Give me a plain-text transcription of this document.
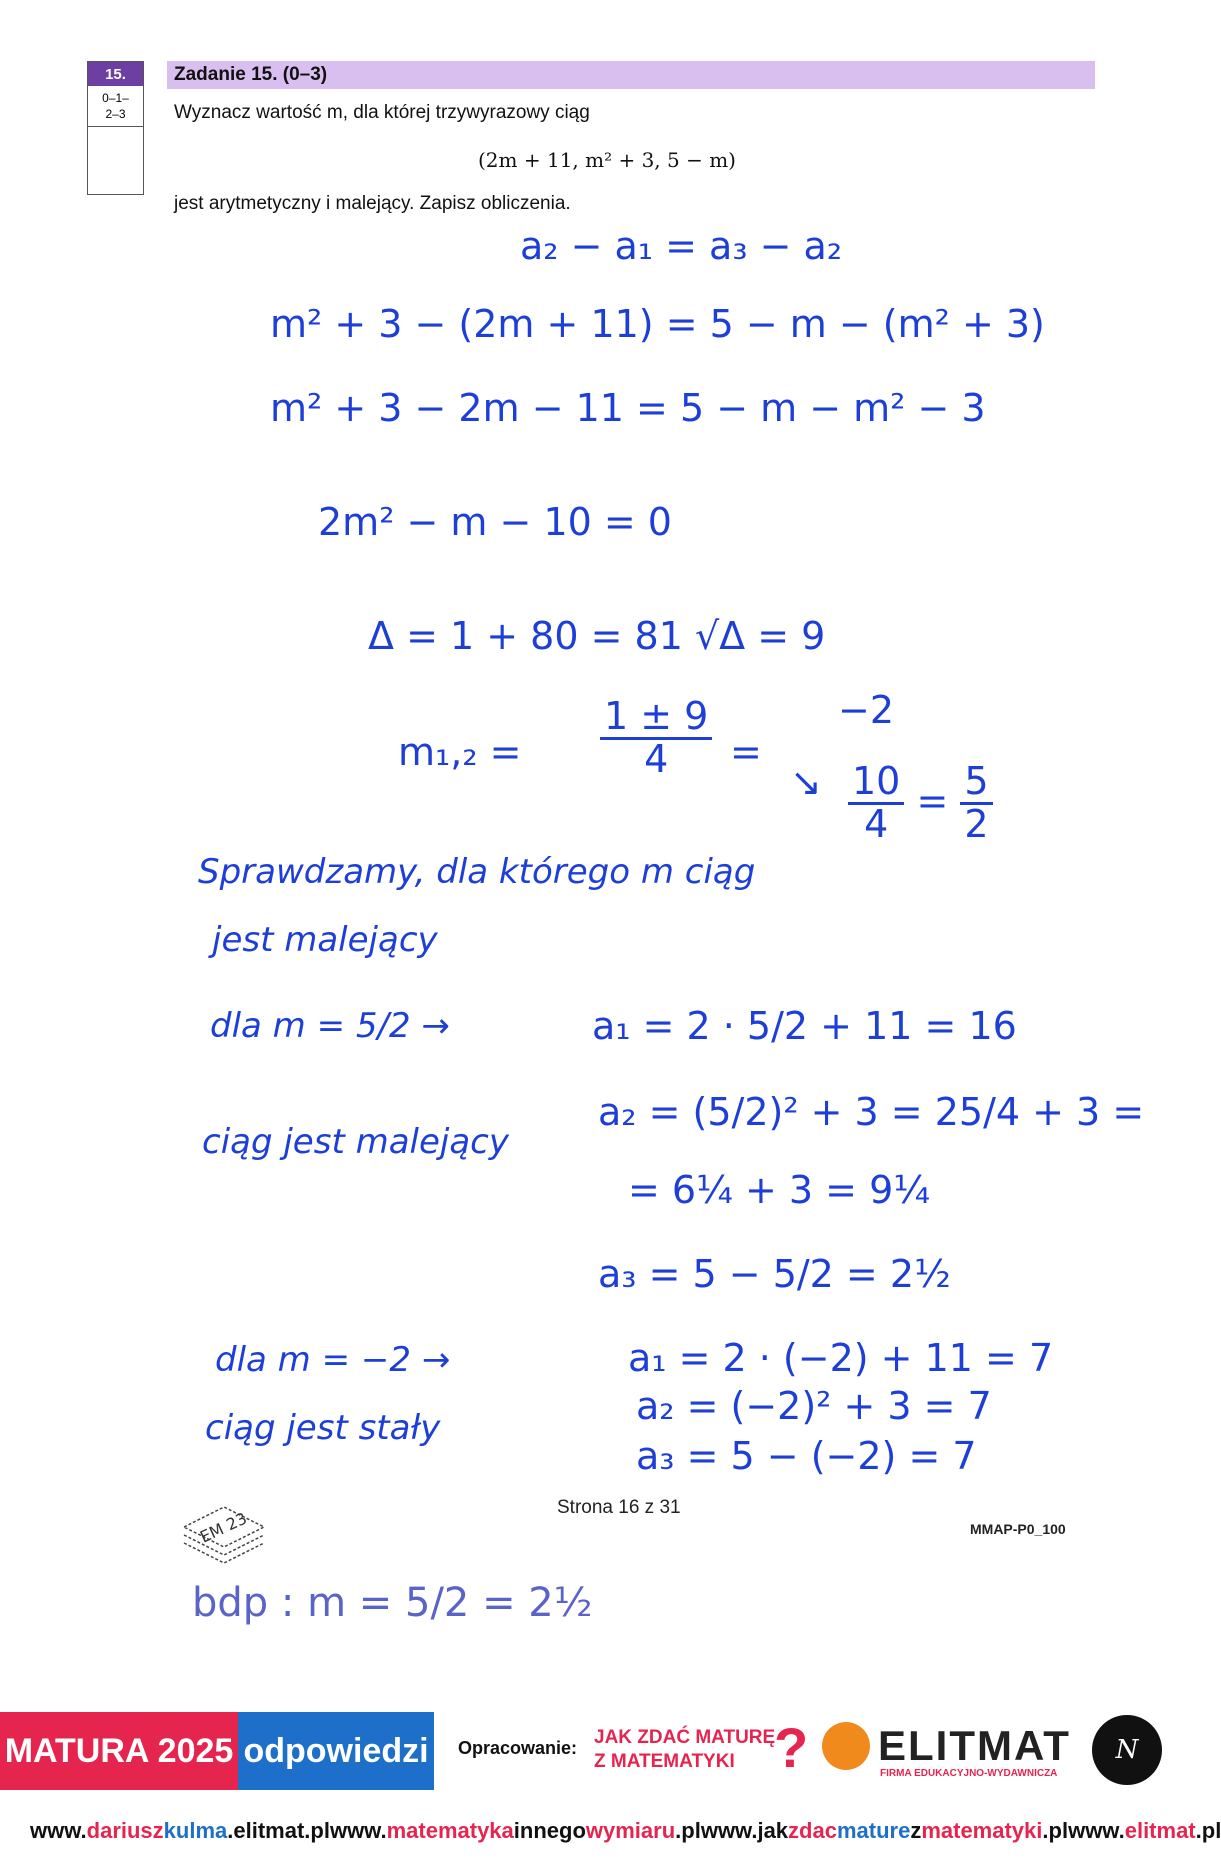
15.
0–1–
2–3
Zadanie 15. (0–3)
Wyznacz wartość m, dla której trzywyrazowy ciąg
(2m + 11, m² + 3, 5 − m)
jest arytmetyczny i malejący. Zapisz obliczenia.
a₂ − a₁ = a₃ − a₂
m² + 3 − (2m + 11) = 5 − m − (m² + 3)
m² + 3 − 2m − 11 = 5 − m − m² − 3
2m² − m − 10 = 0
Δ = 1 + 80 = 81 √Δ = 9
$m_1,_2 = \frac{1 \pm 9}{4}$ =
−2
↘ $\frac{10}{4} = \frac{5}{2}$
Sprawdzamy, dla którego m ciąg
jest malejący
dla m = 5/2 →	a₁ = 2 · 5/2 + 11 = 16
a₂ = (5/2)² + 3 = 25/4 + 3 =
= 6¼ + 3 = 9¼
a₃ = 5 − 5/2 = 2½
ciąg jest malejący
dla m = −2 →	a₁ = 2 · (−2) + 11 = 7
a₂ = (−2)² + 3 = 7
a₃ = 5 − (−2) = 7
ciąg jest stały
EM 23
Strona 16 z 31
MMAP-P0_100
bdp : m = 5/2 = 2½
MATURA 2025 odpowiedzi	Opracowanie: JAK ZDAĆ MATURĘ
Z MATEMATYKI ? ELITMAT
FIRMA EDUKACYJNO-WYDAWNICZA
N
www.dariuszkulma.elitmat.pl www.matematykainnegowymiaru.pl www.jakzdacmaturezmatematyki.pl www.elitmat.pl
